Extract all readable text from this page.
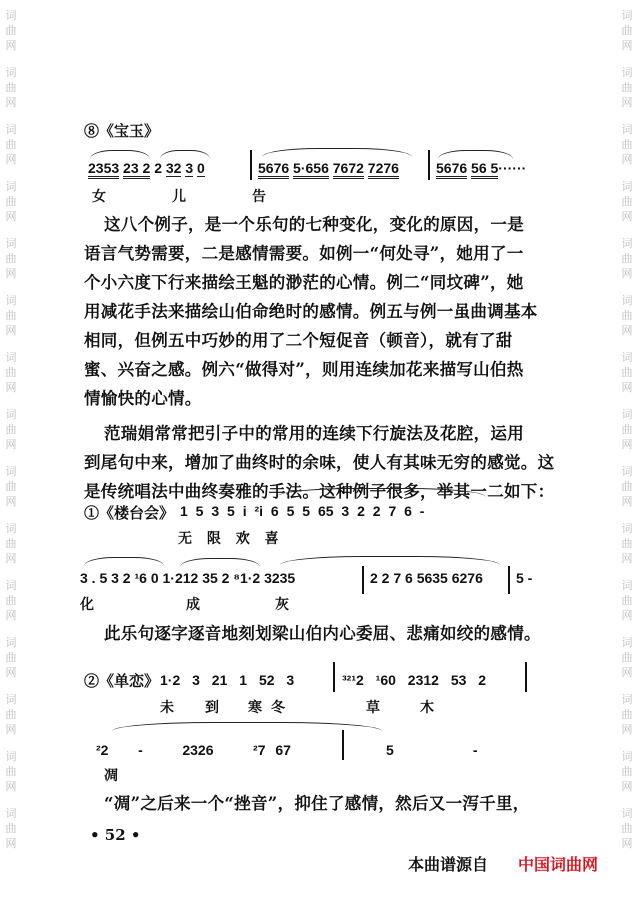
词
曲
网
词
曲
网
词
曲
网
词
曲
网
词
曲
网
词
曲
网
词
曲
网
词
曲
网
词
曲
网
词
曲
网
词
曲
网
词
曲
网
词
曲
网
词
曲
网
词
曲
网
词
曲
网
词
曲
网
词
曲
网
词
曲
网
词
曲
网
词
曲
网
词
曲
网
词
曲
网
词
曲
网
词
曲
网
词
曲
网
词
曲
网
词
曲
网
词
曲
网
词
曲
网
⑧《宝玉》
2353 23 2 2 32 3 0	5676 5·656 7672 7276	5676 56 5······
女	儿	告
这八个例子，是一个乐句的七种变化，变化的原因，一是
语言气势需要，二是感情需要。如例一“何处寻”，她用了一
个小六度下行来描绘王魁的渺茫的心情。例二“同坟碑”，她
用减花手法来描绘山伯命绝时的感情。例五与例一虽曲调基本
相同，但例五中巧妙的用了二个短促音（顿音），就有了甜
蜜、兴奋之感。例六“做得对”，则用连续加花来描写山伯热
情愉快的心情。
范瑞娟常常把引子中的常用的连续下行旋法及花腔，运用
到尾句中来，增加了曲终时的余味，使人有其味无穷的感觉。这
是传统唱法中曲终奏雅的手法。这种例子很多，举其一二如下：
①《楼台会》 1 5 3 5 i ²i 6 5 5 65 3 2 2 7 6 -
无 限 欢 喜
3 . 5 3 2 ¹6 0 1·212 35 2 ⁸1·2 3235	2 2 7 6 5635 6276 5 -
化	成	灰
此乐句逐字逐音地刻划梁山伯内心委屈、悲痛如绞的感情。
②《单恋》 1·2 3 21 1 52 3	³²¹2 ¹60 2312 53 2
未 到 寒 冬	草	木
²2   -    2326    ²7 67	5        -
凋
“凋”之后来一个“挫音”，抑住了感情，然后又一泻千里，
• 52 •
本曲谱源自 中国词曲网
